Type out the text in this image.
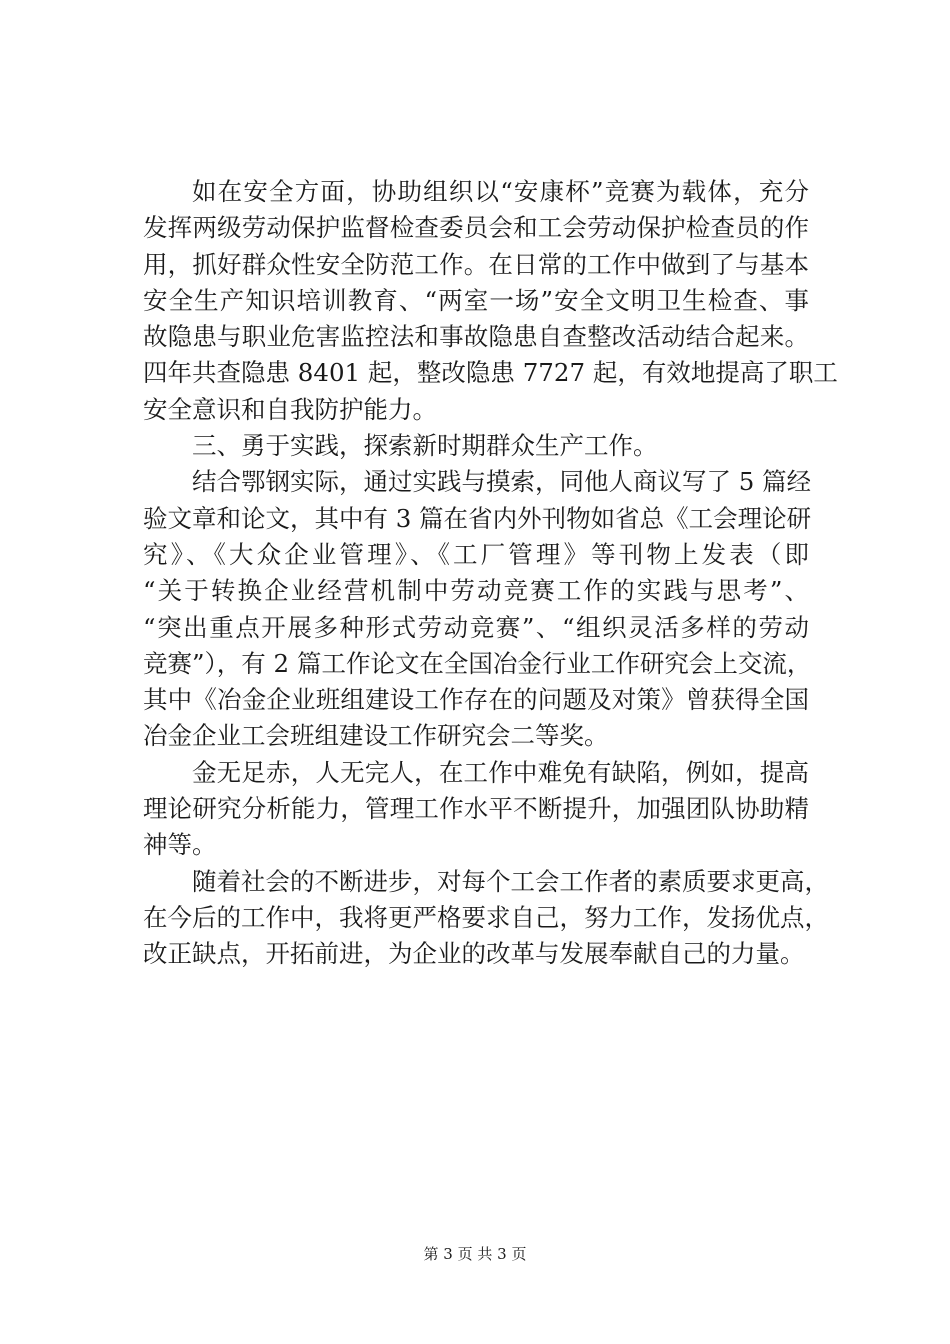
如在安全方面，协助组织以“安康杯”竞赛为载体，充分
发挥两级劳动保护监督检查委员会和工会劳动保护检查员的作
用，抓好群众性安全防范工作。在日常的工作中做到了与基本
安全生产知识培训教育、“两室一场”安全文明卫生检查、事
故隐患与职业危害监控法和事故隐患自查整改活动结合起来。
四年共查隐患 8401 起，整改隐患 7727 起，有效地提高了职工
安全意识和自我防护能力。
三、勇于实践，探索新时期群众生产工作。
结合鄂钢实际，通过实践与摸索，同他人商议写了 5 篇经
验文章和论文，其中有 3 篇在省内外刊物如省总《工会理论研
究》、《大众企业管理》、《工厂管理》等刊物上发表（即
“关于转换企业经营机制中劳动竞赛工作的实践与思考”、
“突出重点开展多种形式劳动竞赛”、“组织灵活多样的劳动
竞赛”），有 2 篇工作论文在全国冶金行业工作研究会上交流，
其中《冶金企业班组建设工作存在的问题及对策》曾获得全国
冶金企业工会班组建设工作研究会二等奖。
金无足赤，人无完人，在工作中难免有缺陷，例如，提高
理论研究分析能力，管理工作水平不断提升，加强团队协助精
神等。
随着社会的不断进步，对每个工会工作者的素质要求更高，
在今后的工作中，我将更严格要求自己，努力工作，发扬优点，
改正缺点，开拓前进，为企业的改革与发展奉献自己的力量。
第 3 页 共 3 页
